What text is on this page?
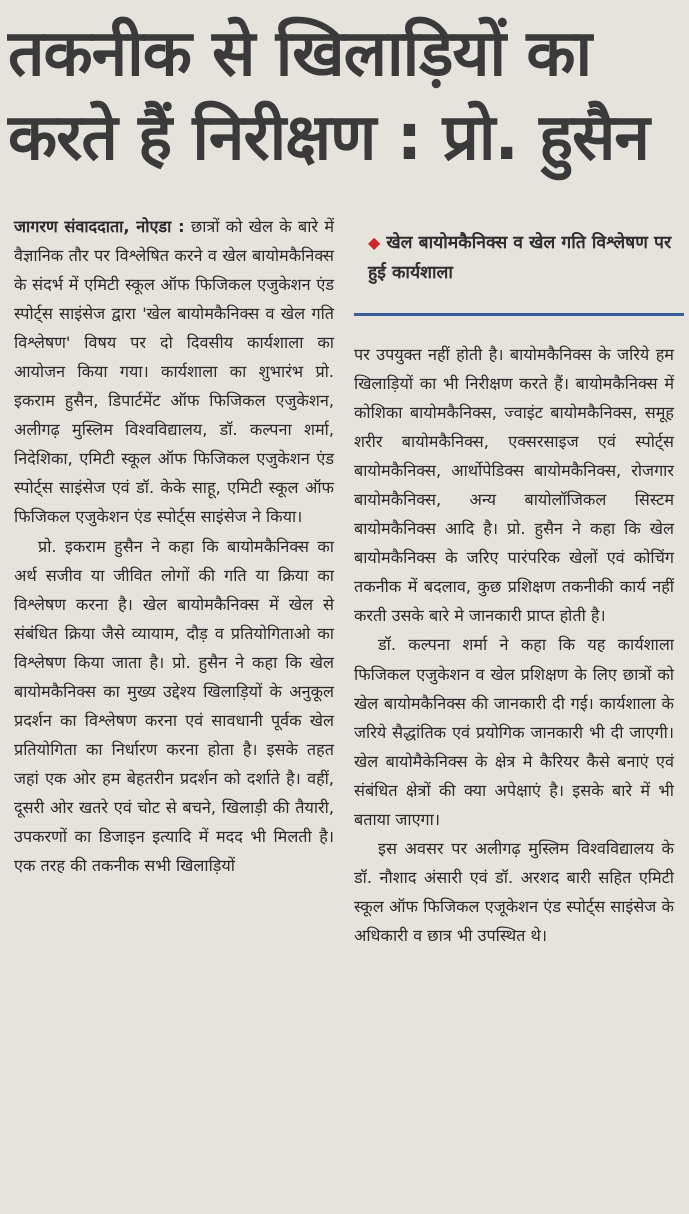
तकनीक से खिलाड़ियों का करते हैं निरीक्षण : प्रो. हुसैन

जागरण संवाददाता, नोएडा : छात्रों को खेल के बारे में वैज्ञानिक तौर पर विश्लेषित करने व खेल बायोमकैनिक्स के संदर्भ में एमिटी स्कूल ऑफ फिजिकल एजुकेशन एंड स्पोर्ट्स साइंसेज द्वारा 'खेल बायोमकैनिक्स व खेल गति विश्लेषण' विषय पर दो दिवसीय कार्यशाला का आयोजन किया गया। कार्यशाला का शुभारंभ प्रो. इकराम हुसैन, डिपार्टमेंट ऑफ फिजिकल एजुकेशन, अलीगढ़ मुस्लिम विश्वविद्यालय, डॉ. कल्पना शर्मा, निदेशिका, एमिटी स्कूल ऑफ फिजिकल एजुकेशन एंड स्पोर्ट्स साइंसेज एवं डॉ. केके साहू, एमिटी स्कूल ऑफ फिजिकल एजुकेशन एंड स्पोर्ट्स साइंसेज ने किया।

प्रो. इकराम हुसैन ने कहा कि बायोमकैनिक्स का अर्थ सजीव या जीवित लोगों की गति या क्रिया का विश्लेषण करना है। खेल बायोमकैनिक्स में खेल से संबंधित क्रिया जैसे व्यायाम, दौड़ व प्रतियोगिताओ का विश्लेषण किया जाता है। प्रो. हुसैन ने कहा कि खेल बायोमकैनिक्स का मुख्य उद्देश्य खिलाड़ियों के अनुकूल प्रदर्शन का विश्लेषण करना एवं सावधानी पूर्वक खेल प्रतियोगिता का निर्धारण करना होता है। इसके तहत जहां एक ओर हम बेहतरीन प्रदर्शन को दर्शाते है। वहीं, दूसरी ओर खतरे एवं चोट से बचने, खिलाड़ी की तैयारी, उपकरणों का डिजाइन इत्यादि में मदद भी मिलती है। एक तरह की तकनीक सभी खिलाड़ियों

◆ खेल बायोमकैनिक्स व खेल गति विश्लेषण पर हुई कार्यशाला

पर उपयुक्त नहीं होती है। बायोमकैनिक्स के जरिये हम खिलाड़ियों का भी निरीक्षण करते हैं। बायोमकैनिक्स में कोशिका बायोमकैनिक्स, ज्वाइंट बायोमकैनिक्स, समूह शरीर बायोमकैनिक्स, एक्सरसाइज एवं स्पोर्ट्स बायोमकैनिक्स, आर्थोपेडिक्स बायोमकैनिक्स, रोजगार बायोमकैनिक्स, अन्य बायोलॉजिकल सिस्टम बायोमकैनिक्स आदि है। प्रो. हुसैन ने कहा कि खेल बायोमकैनिक्स के जरिए पारंपरिक खेलों एवं कोचिंग तकनीक में बदलाव, कुछ प्रशिक्षण तकनीकी कार्य नहीं करती उसके बारे मे जानकारी प्राप्त होती है।

डॉ. कल्पना शर्मा ने कहा कि यह कार्यशाला फिजिकल एजुकेशन व खेल प्रशिक्षण के लिए छात्रों को खेल बायोमकैनिक्स की जानकारी दी गई। कार्यशाला के जरिये सैद्धांतिक एवं प्रयोगिक जानकारी भी दी जाएगी। खेल बायोमैकेनिक्स के क्षेत्र मे कैरियर कैसे बनाएं एवं संबंधित क्षेत्रों की क्या अपेक्षाएं है। इसके बारे में भी बताया जाएगा।

इस अवसर पर अलीगढ़ मुस्लिम विश्वविद्यालय के डॉ. नौशाद अंसारी एवं डॉ. अरशद बारी सहित एमिटी स्कूल ऑफ फिजिकल एजूकेशन एंड स्पोर्ट्स साइंसेज के अधिकारी व छात्र भी उपस्थित थे।
